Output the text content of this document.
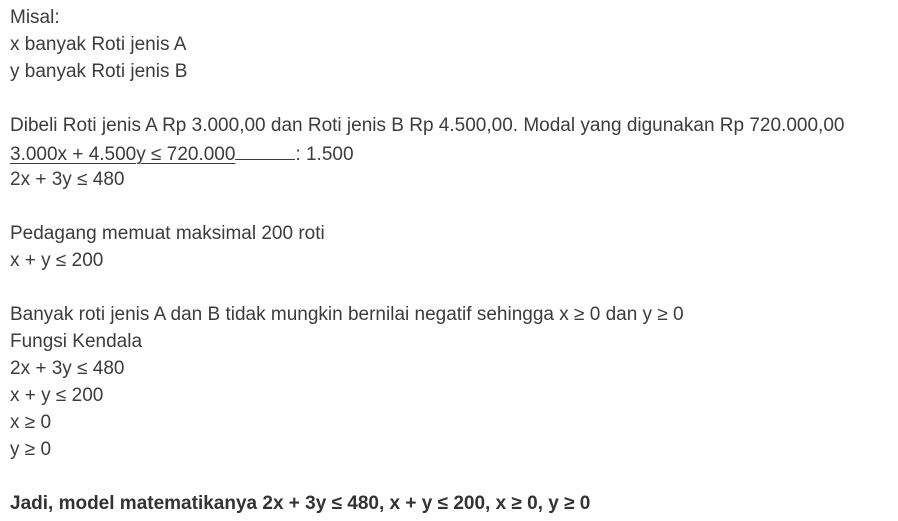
Misal:
x banyak Roti jenis A
y banyak Roti jenis B
Dibeli Roti jenis A Rp 3.000,00 dan Roti jenis B Rp 4.500,00. Modal yang digunakan Rp 720.000,00
3.000x + 4.500y ≤ 720.000	: 1.500
2x + 3y ≤ 480
Pedagang memuat maksimal 200 roti
x + y ≤ 200
Banyak roti jenis A dan B tidak mungkin bernilai negatif sehingga x ≥ 0 dan y ≥ 0
Fungsi Kendala
2x + 3y ≤ 480
x + y ≤ 200
x ≥ 0
y ≥ 0
Jadi, model matematikanya 2x + 3y ≤ 480, x + y ≤ 200, x ≥ 0, y ≥ 0
